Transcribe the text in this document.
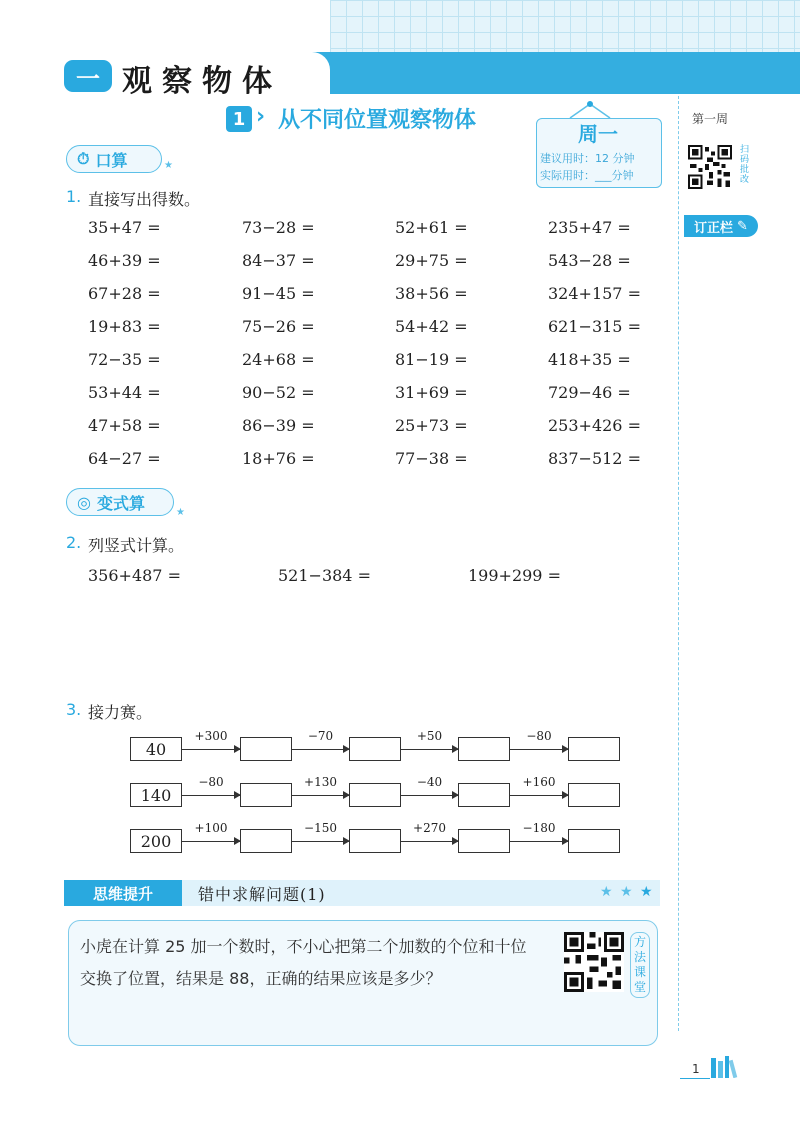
一 观察物体
1 › 从不同位置观察物体
周一
建议用时：12 分钟
实际用时：___分钟
第一周
扫码批改
订正栏 ✎
⏱ 口算	★
1. 直接写出得数。
35+47 =	73−28 =	52+61 =	235+47 =
46+39 =	84−37 =	29+75 =	543−28 =
67+28 =	91−45 =	38+56 =	324+157 =
19+83 =	75−26 =	54+42 =	621−315 =
72−35 =	24+68 =	81−19 =	418+35 =
53+44 =	90−52 =	31+69 =	729−46 =
47+58 =	86−39 =	25+73 =	253+426 =
64−27 =	18+76 =	77−38 =	837−512 =
◎ 变式算	★
2. 列竖式计算。
356+487 =	521−384 =	199+299 =
3. 接力赛。
40
+300	−70	+50	−80
140
−80	+130	−40	+160
200
+100	−150	+270	−180
思维提升	错中求解问题(1)	★ ★ ★
小虎在计算 25 加一个数时，不小心把第二个加数的个位和十位
交换了位置，结果是 88，正确的结果应该是多少？
方法课堂
1
